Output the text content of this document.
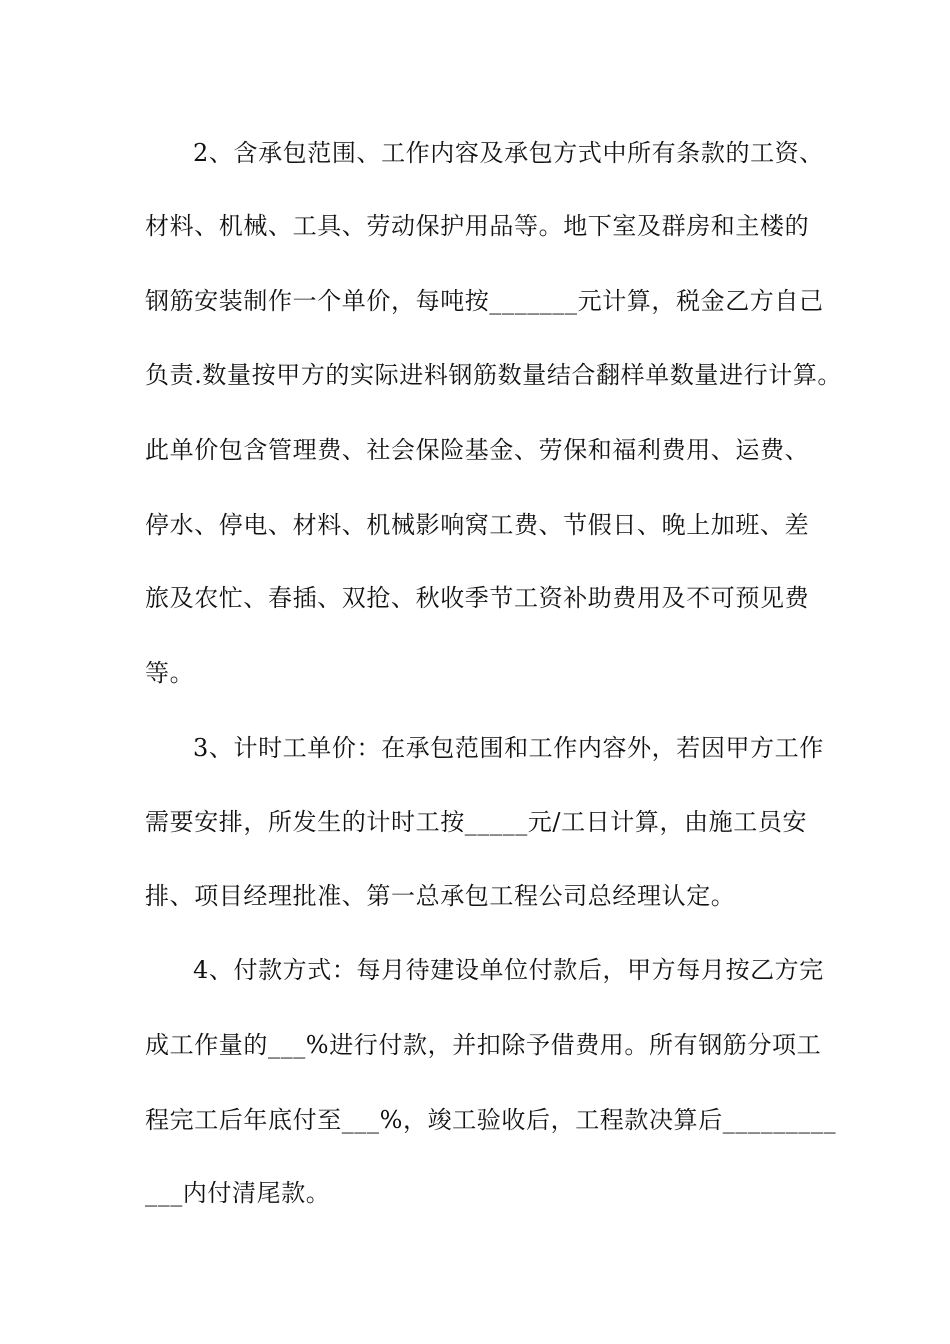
2、含承包范围、工作内容及承包方式中所有条款的工资、
材料、机械、工具、劳动保护用品等。地下室及群房和主楼的
钢筋安装制作一个单价，每吨按_______元计算，税金乙方自己
负责.数量按甲方的实际进料钢筋数量结合翻样单数量进行计算。
此单价包含管理费、社会保险基金、劳保和福利费用、运费、
停水、停电、材料、机械影响窝工费、节假日、晚上加班、差
旅及农忙、春插、双抢、秋收季节工资补助费用及不可预见费
等。
3、计时工单价：在承包范围和工作内容外，若因甲方工作
需要安排，所发生的计时工按_____元/工日计算，由施工员安
排、项目经理批准、第一总承包工程公司总经理认定。
4、付款方式：每月待建设单位付款后，甲方每月按乙方完
成工作量的___%进行付款，并扣除予借费用。所有钢筋分项工
程完工后年底付至___%，竣工验收后，工程款决算后_________
___内付清尾款。
